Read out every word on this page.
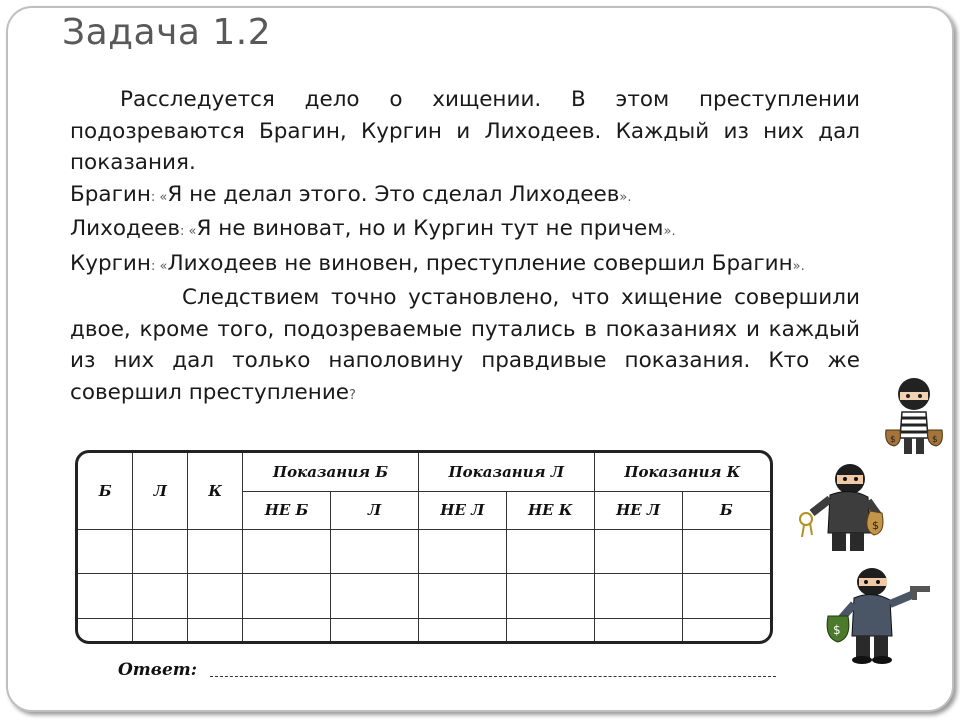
Задача 1.2

Расследуется дело о хищении. В этом преступлении подозреваются Брагин, Кургин и Лиходеев. Каждый из них дал показания.

Брагин: «Я не делал этого. Это сделал Лиходеев».

Лиходеев: «Я не виноват, но и Кургин тут не причем».

Кургин: «Лиходеев не виновен, преступление совершил Брагин».

Следствием точно установлено, что хищение совершили двое, кроме того, подозреваемые путались в показаниях и каждый из них дал только наполовину правдивые показания. Кто же совершил преступление?

Б	Л	К	Показания Б		Показания Л		Показания К	
			НЕ Б	Л	НЕ Л	НЕ К	НЕ Л	Б

Ответ:
$	$
$
$
